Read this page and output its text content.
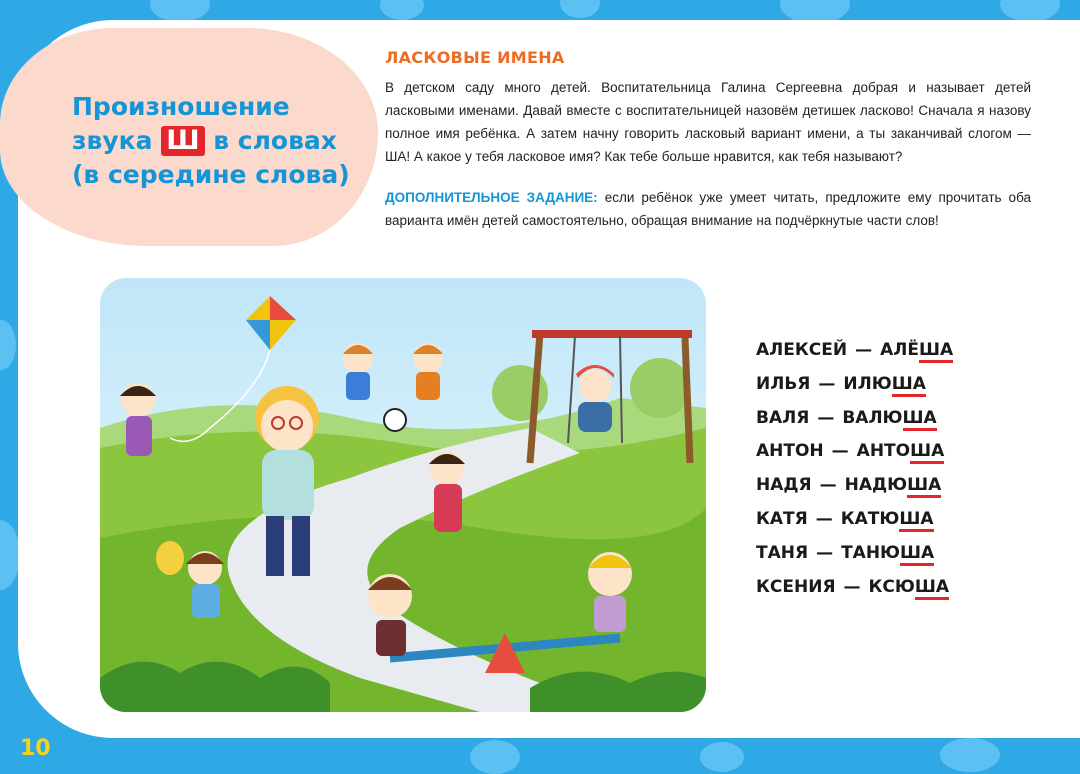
Произношение
звука Ш в словах
(в середине слова)
ЛАСКОВЫЕ ИМЕНА
В детском саду много детей. Воспитательница Галина Сергеевна добрая и называет детей ласковыми именами. Давай вместе с воспитательницей назовём детишек ласково! Сначала я назову полное имя ребёнка. А затем начну говорить ласковый вариант имени, а ты заканчивай слогом — ША! А какое у тебя ласковое имя? Как тебе больше нравится, как тебя называют?
ДОПОЛНИТЕЛЬНОЕ ЗАДАНИЕ: если ребёнок уже умеет читать, предложите ему прочитать оба варианта имён детей самостоятельно, обращая внимание на подчёркнутые части слов!
АЛЕКСЕЙ — АЛЁША
ИЛЬЯ — ИЛЮША
ВАЛЯ — ВАЛЮША
АНТОН — АНТОША
НАДЯ — НАДЮША
КАТЯ — КАТЮША
ТАНЯ — ТАНЮША
КСЕНИЯ — КСЮША
10
